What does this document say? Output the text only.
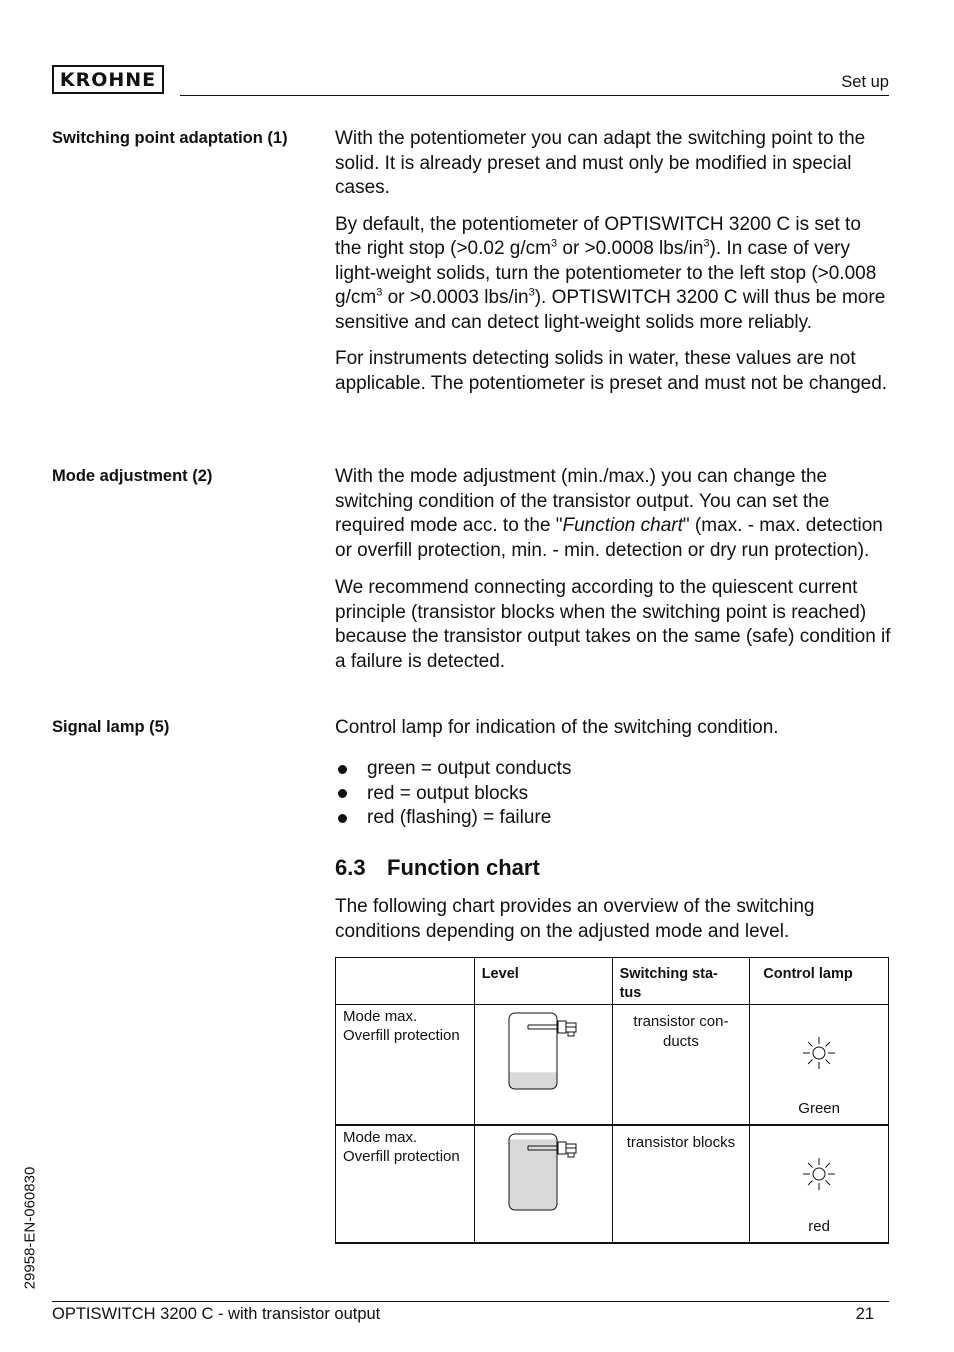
KROHNE	Set up
Switching point adaptation (1) With the potentiometer you can adapt the switching point to the solid. It is already preset and must only be modified in special cases.

By default, the potentiometer of OPTISWITCH 3200 C is set to the right stop (>0.02 $g/cm^3$ or >0.0008 lbs/$in^3$). In case of very light-weight solids, turn the potentiometer to the left stop (>0.008 $g/cm^3$ or >0.0003 lbs/$in^3$). OPTISWITCH 3200 C will thus be more sensitive and can detect light-weight solids more reliably.

For instruments detecting solids in water, these values are not applicable. The potentiometer is preset and must not be changed.

Mode adjustment (2)	With the mode adjustment (min./max.) you can change the switching condition of the transistor output. You can set the required mode acc. to the "Function chart" (max. - max. detection or overfill protection, min. - min. detection or dry run protection).

We recommend connecting according to the quiescent current principle (transistor blocks when the switching point is reached) because the transistor output takes on the same (safe) condition if a failure is detected.

Signal lamp (5)	Control lamp for indication of the switching condition.

green = output conducts
red = output blocks
red (flashing) = failure
6.3 Function chart

The following chart provides an overview of the switching conditions depending on the adjusted mode and level.

	Level	Switching sta-
tus	Control lamp

Mode max.
Overfill protection		transistor con-
ducts	Green

Mode max.
Overfill protection		transistor blocks	red
29958-EN-060830
OPTISWITCH 3200 C - with transistor output	21
